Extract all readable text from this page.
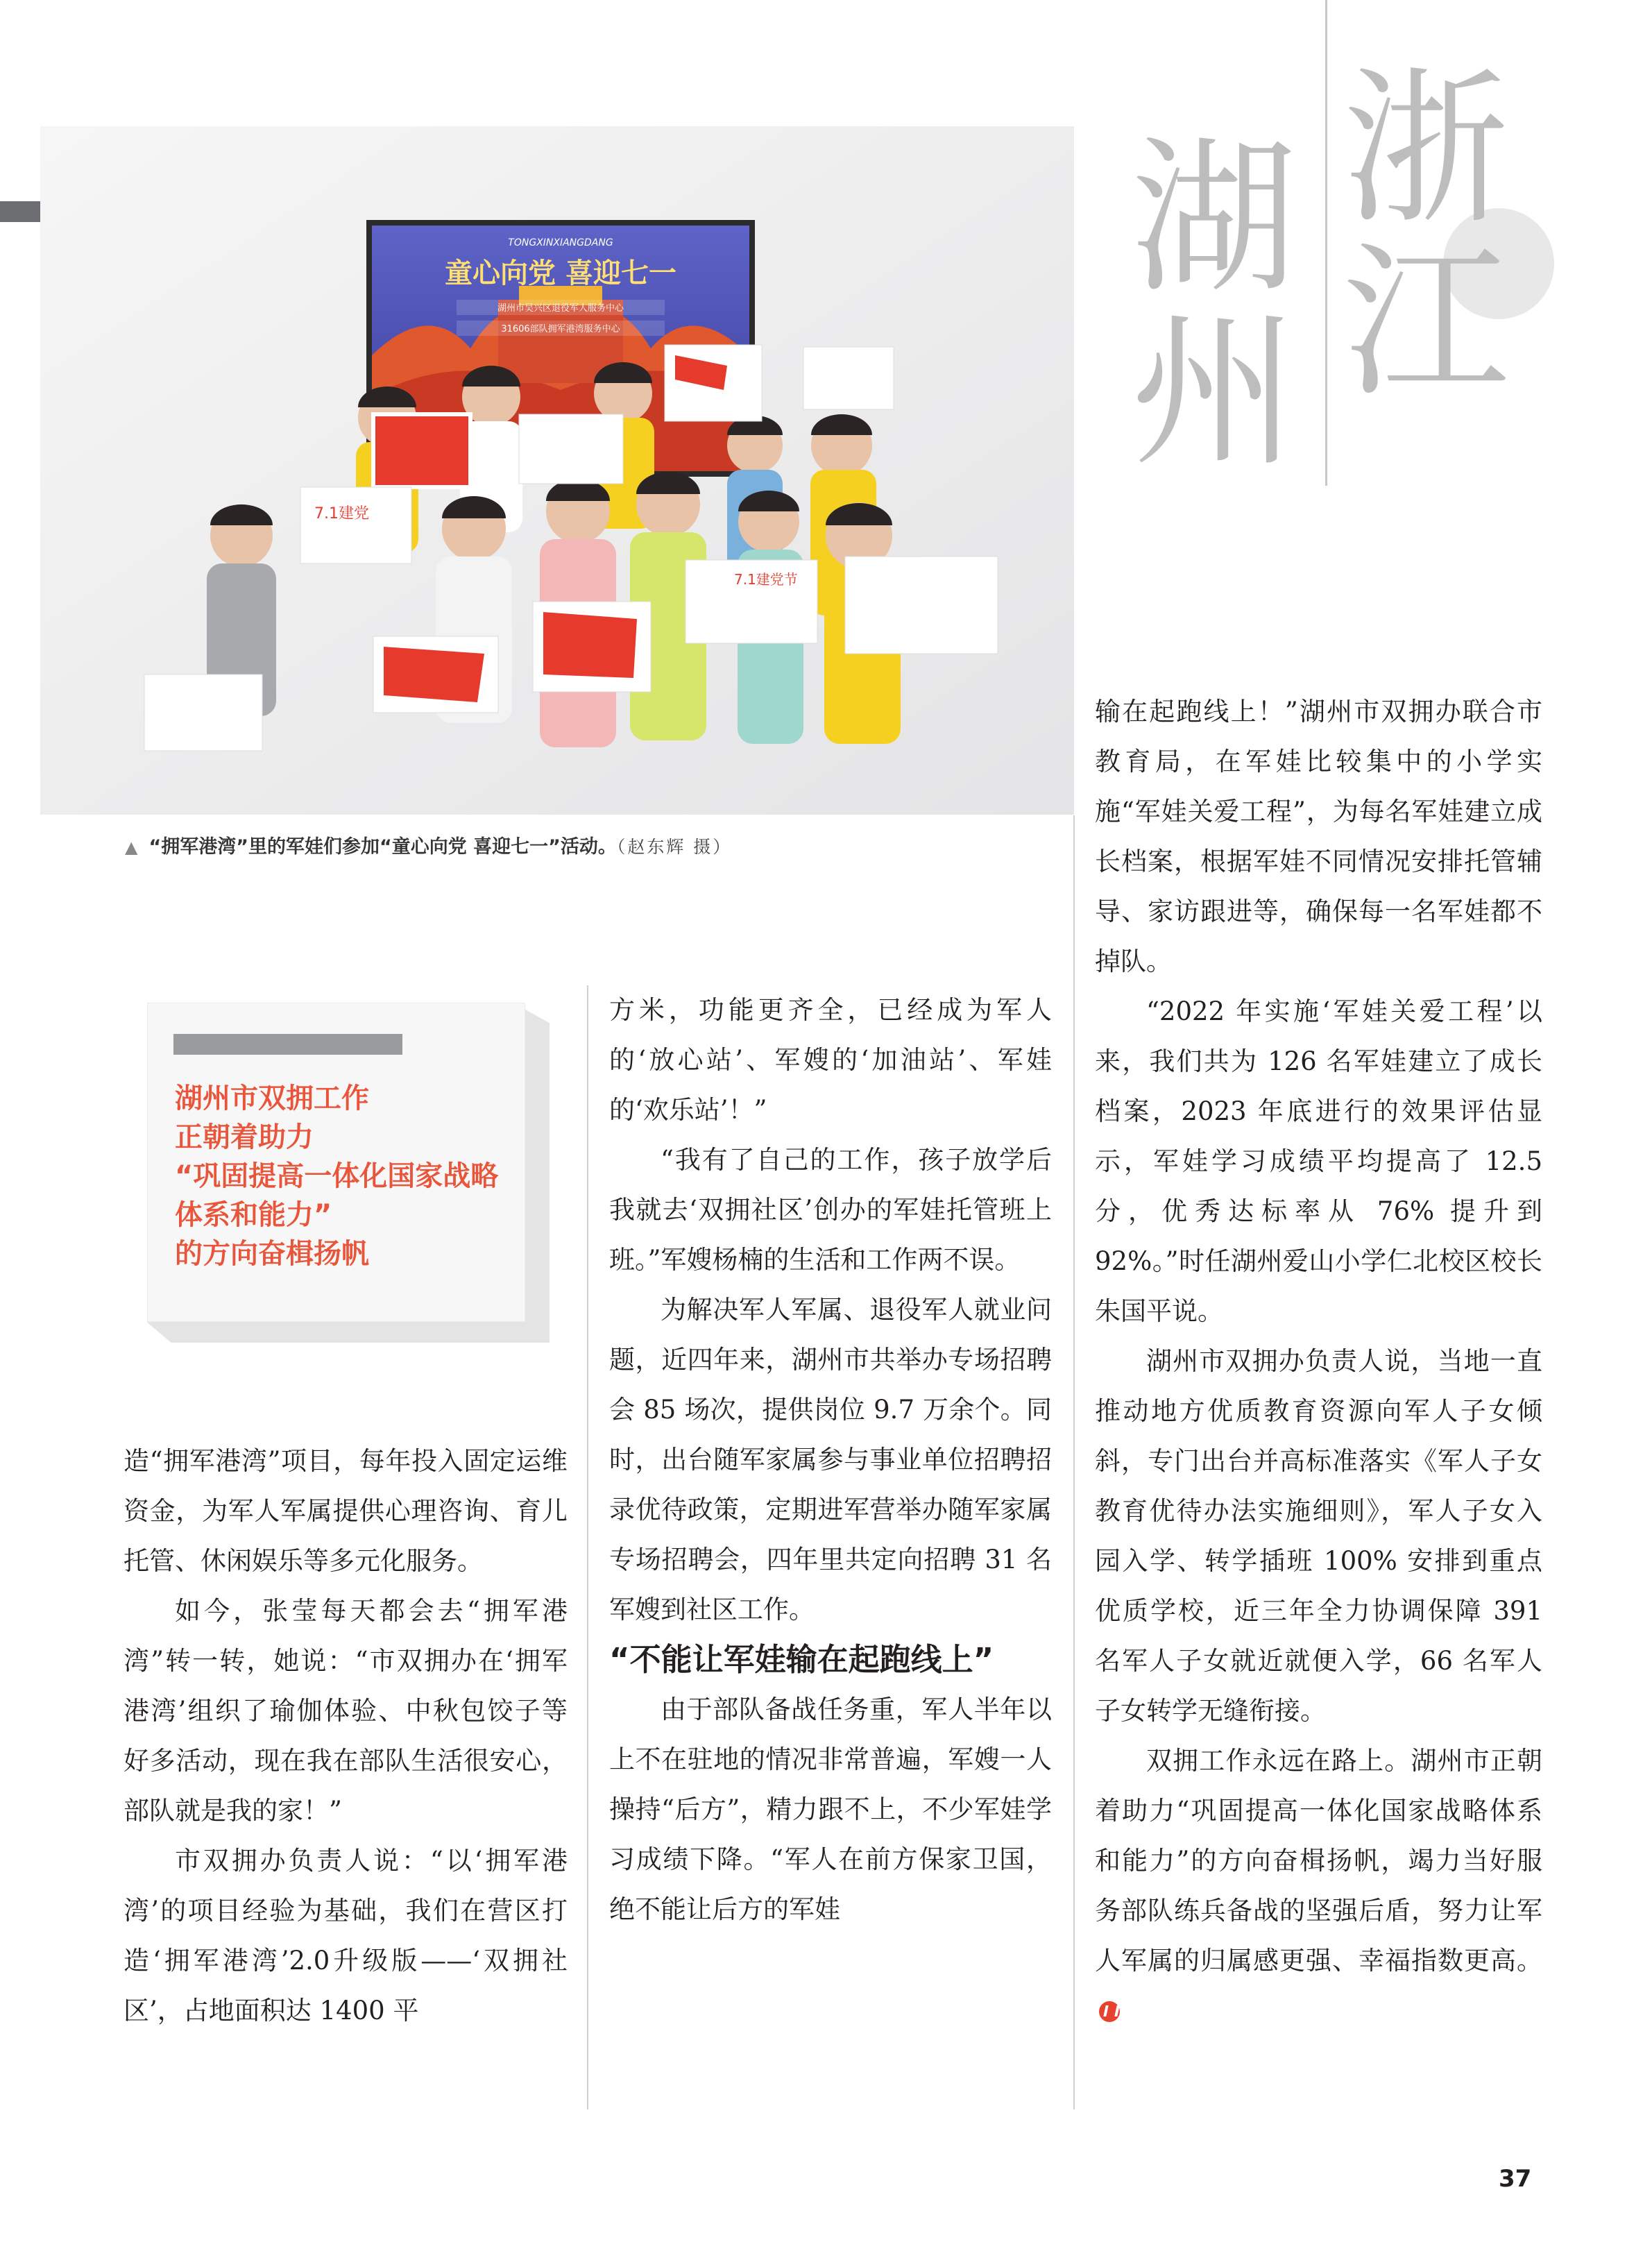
浙
江
湖
州
TONGXINXIANGDANG
童心向党 喜迎七一
湖州市吴兴区退役军人服务中心
31606部队拥军港湾服务中心
7.1建党
7.1建党节
▲ “拥军港湾”里的军娃们参加“童心向党 喜迎七一”活动。（赵东辉 摄）
湖州市双拥工作
正朝着助力
“巩固提高一体化国家战略
体系和能力”
的方向奋楫扬帆

造“拥军港湾”项目，每年投入固定运维资金，为军人军属提供心理咨询、育儿托管、休闲娱乐等多元化服务。

如今，张莹每天都会去“拥军港湾”转一转，她说：“市双拥办在‘拥军港湾’组织了瑜伽体验、中秋包饺子等好多活动，现在我在部队生活很安心，部队就是我的家！”

市双拥办负责人说：“以‘拥军港湾’的项目经验为基础，我们在营区打造‘拥军港湾’2.0升级版——‘双拥社区’，占地面积达 1400 平

方米，功能更齐全，已经成为军人的‘放心站’、军嫂的‘加油站’、军娃的‘欢乐站’！”

“我有了自己的工作，孩子放学后我就去‘双拥社区’创办的军娃托管班上班。”军嫂杨楠的生活和工作两不误。

为解决军人军属、退役军人就业问题，近四年来，湖州市共举办专场招聘会 85 场次，提供岗位 9.7 万余个。同时，出台随军家属参与事业单位招聘招录优待政策，定期进军营举办随军家属专场招聘会，四年里共定向招聘 31 名军嫂到社区工作。

“不能让军娃输在起跑线上”

由于部队备战任务重，军人半年以上不在驻地的情况非常普遍，军嫂一人操持“后方”，精力跟不上，不少军娃学习成绩下降。“军人在前方保家卫国，绝不能让后方的军娃

输在起跑线上！”湖州市双拥办联合市教育局，在军娃比较集中的小学实施“军娃关爱工程”，为每名军娃建立成长档案，根据军娃不同情况安排托管辅导、家访跟进等，确保每一名军娃都不掉队。

“2022 年实施‘军娃关爱工程’以来，我们共为 126 名军娃建立了成长档案，2023 年底进行的效果评估显示，军娃学习成绩平均提高了 12.5 分，优秀达标率从 76% 提升到 92%。”时任湖州爱山小学仁北校区校长朱国平说。

湖州市双拥办负责人说，当地一直推动地方优质教育资源向军人子女倾斜，专门出台并高标准落实《军人子女教育优待办法实施细则》，军人子女入园入学、转学插班 100% 安排到重点优质学校，近三年全力协调保障 391 名军人子女就近就便入学，66 名军人子女转学无缝衔接。

双拥工作永远在路上。湖州市正朝着助力“巩固提高一体化国家战略体系和能力”的方向奋楫扬帆，竭力当好服务部队练兵备战的坚强后盾，努力让军人军属的归属感更强、幸福指数更高。

37
